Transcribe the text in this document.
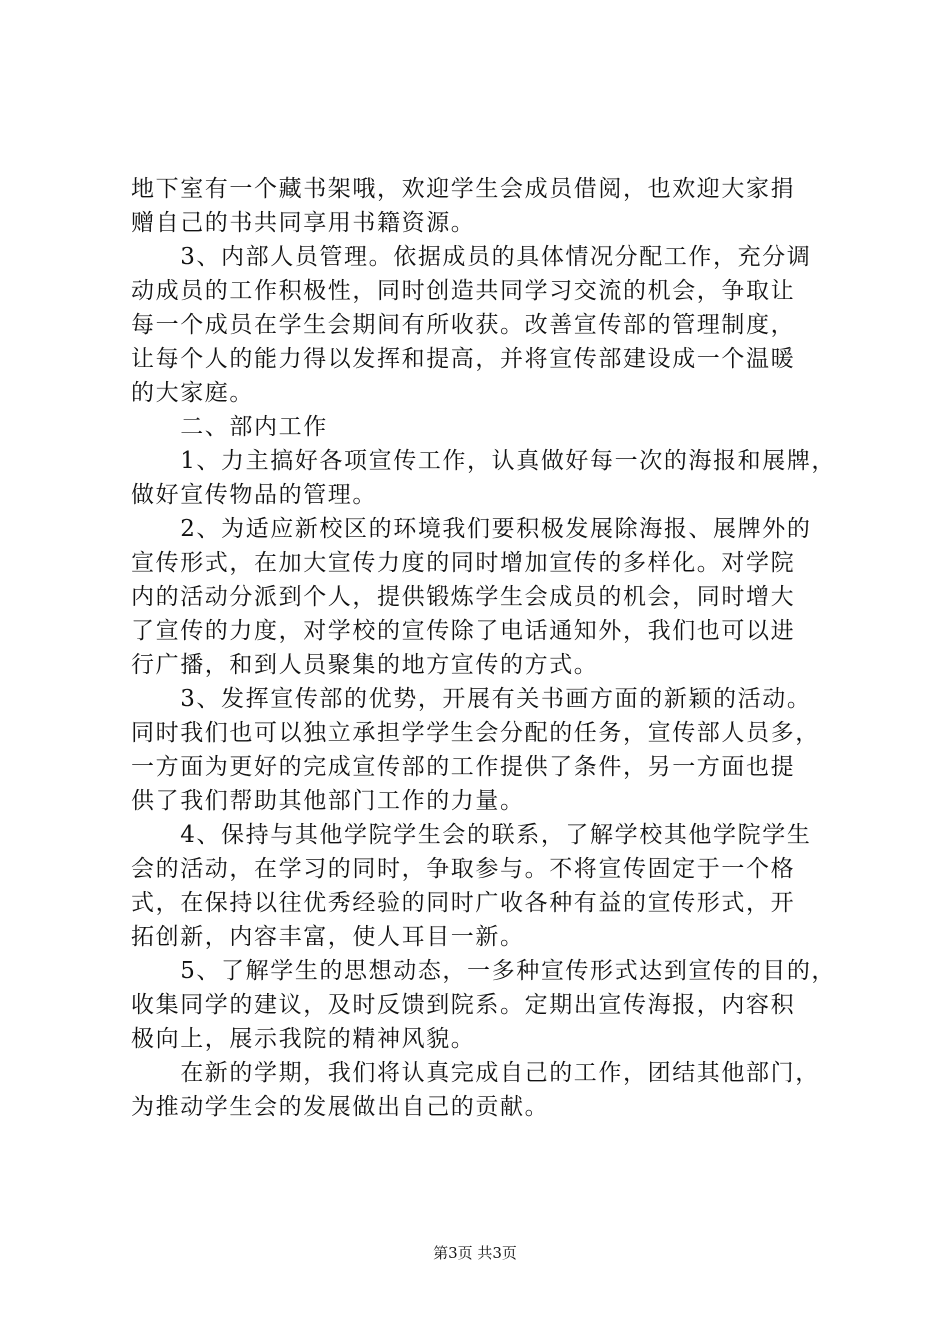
地下室有一个藏书架哦，欢迎学生会成员借阅，也欢迎大家捐
赠自己的书共同享用书籍资源。
　　3、内部人员管理。依据成员的具体情况分配工作，充分调
动成员的工作积极性，同时创造共同学习交流的机会，争取让
每一个成员在学生会期间有所收获。改善宣传部的管理制度，
让每个人的能力得以发挥和提高，并将宣传部建设成一个温暖
的大家庭。
　　二、部内工作
　　1、力主搞好各项宣传工作，认真做好每一次的海报和展牌，
做好宣传物品的管理。
　　2、为适应新校区的环境我们要积极发展除海报、展牌外的
宣传形式，在加大宣传力度的同时增加宣传的多样化。对学院
内的活动分派到个人，提供锻炼学生会成员的机会，同时增大
了宣传的力度，对学校的宣传除了电话通知外，我们也可以进
行广播，和到人员聚集的地方宣传的方式。
　　3、发挥宣传部的优势，开展有关书画方面的新颖的活动。
同时我们也可以独立承担学学生会分配的任务，宣传部人员多，
一方面为更好的完成宣传部的工作提供了条件，另一方面也提
供了我们帮助其他部门工作的力量。
　　4、保持与其他学院学生会的联系，了解学校其他学院学生
会的活动，在学习的同时，争取参与。不将宣传固定于一个格
式，在保持以往优秀经验的同时广收各种有益的宣传形式，开
拓创新，内容丰富，使人耳目一新。
　　5、了解学生的思想动态，一多种宣传形式达到宣传的目的，
收集同学的建议，及时反馈到院系。定期出宣传海报，内容积
极向上，展示我院的精神风貌。
　　在新的学期，我们将认真完成自己的工作，团结其他部门，
为推动学生会的发展做出自己的贡献。
第3页 共3页
